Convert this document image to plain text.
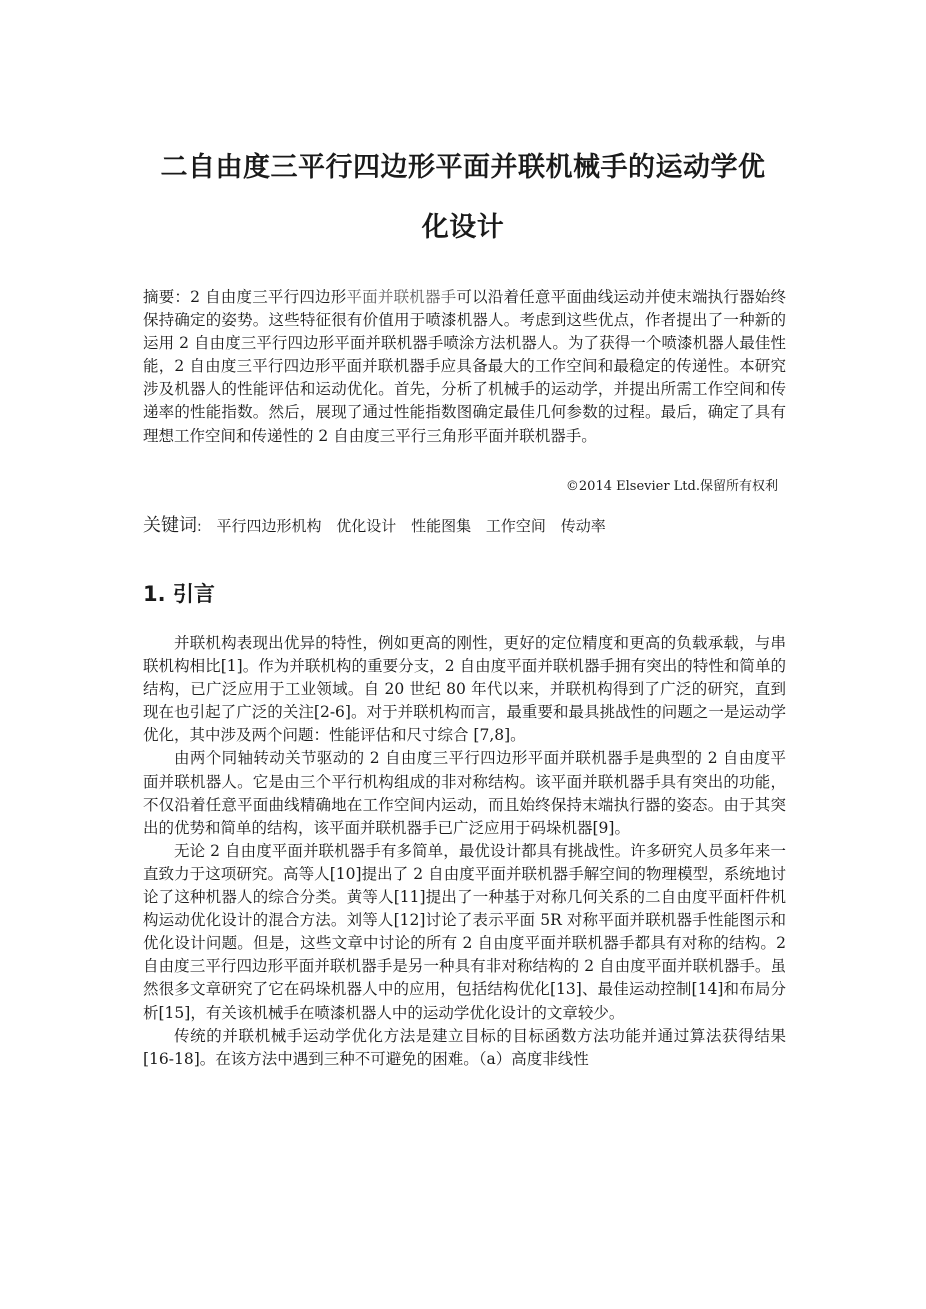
二自由度三平行四边形平面并联机械手的运动学优
化设计
摘要：2 自由度三平行四边形平面并联机器手可以沿着任意平面曲线运动并使末端执行器始终保持确定的姿势。这些特征很有价值用于喷漆机器人。考虑到这些优点，作者提出了一种新的运用 2 自由度三平行四边形平面并联机器手喷涂方法机器人。为了获得一个喷漆机器人最佳性能，2 自由度三平行四边形平面并联机器手应具备最大的工作空间和最稳定的传递性。本研究涉及机器人的性能评估和运动优化。首先，分析了机械手的运动学，并提出所需工作空间和传递率的性能指数。然后，展现了通过性能指数图确定最佳几何参数的过程。最后，确定了具有理想工作空间和传递性的 2 自由度三平行三角形平面并联机器手。
©2014 Elsevier Ltd.保留所有权利
关键词: 平行四边形机构 优化设计 性能图集 工作空间 传动率
1. 引言

并联机构表现出优异的特性，例如更高的刚性，更好的定位精度和更高的负载承载，与串联机构相比[1]。作为并联机构的重要分支，2 自由度平面并联机器手拥有突出的特性和简单的结构，已广泛应用于工业领域。自 20 世纪 80 年代以来，并联机构得到了广泛的研究，直到现在也引起了广泛的关注[2-6]。对于并联机构而言，最重要和最具挑战性的问题之一是运动学优化，其中涉及两个问题：性能评估和尺寸综合 [7,8]。

由两个同轴转动关节驱动的 2 自由度三平行四边形平面并联机器手是典型的 2 自由度平面并联机器人。它是由三个平行机构组成的非对称结构。该平面并联机器手具有突出的功能，不仅沿着任意平面曲线精确地在工作空间内运动，而且始终保持末端执行器的姿态。由于其突出的优势和简单的结构，该平面并联机器手已广泛应用于码垛机器[9]。

无论 2 自由度平面并联机器手有多简单，最优设计都具有挑战性。许多研究人员多年来一直致力于这项研究。高等人[10]提出了 2 自由度平面并联机器手解空间的物理模型，系统地讨论了这种机器人的综合分类。黄等人[11]提出了一种基于对称几何关系的二自由度平面杆件机构运动优化设计的混合方法。刘等人[12]讨论了表示平面 5R 对称平面并联机器手性能图示和优化设计问题。但是，这些文章中讨论的所有 2 自由度平面并联机器手都具有对称的结构。2 自由度三平行四边形平面并联机器手是另一种具有非对称结构的 2 自由度平面并联机器手。虽然很多文章研究了它在码垛机器人中的应用，包括结构优化[13]、最佳运动控制[14]和布局分析[15]，有关该机械手在喷漆机器人中的运动学优化设计的文章较少。

传统的并联机械手运动学优化方法是建立目标的目标函数方法功能并通过算法获得结果[16-18]。在该方法中遇到三种不可避免的困难。（a）高度非线性
